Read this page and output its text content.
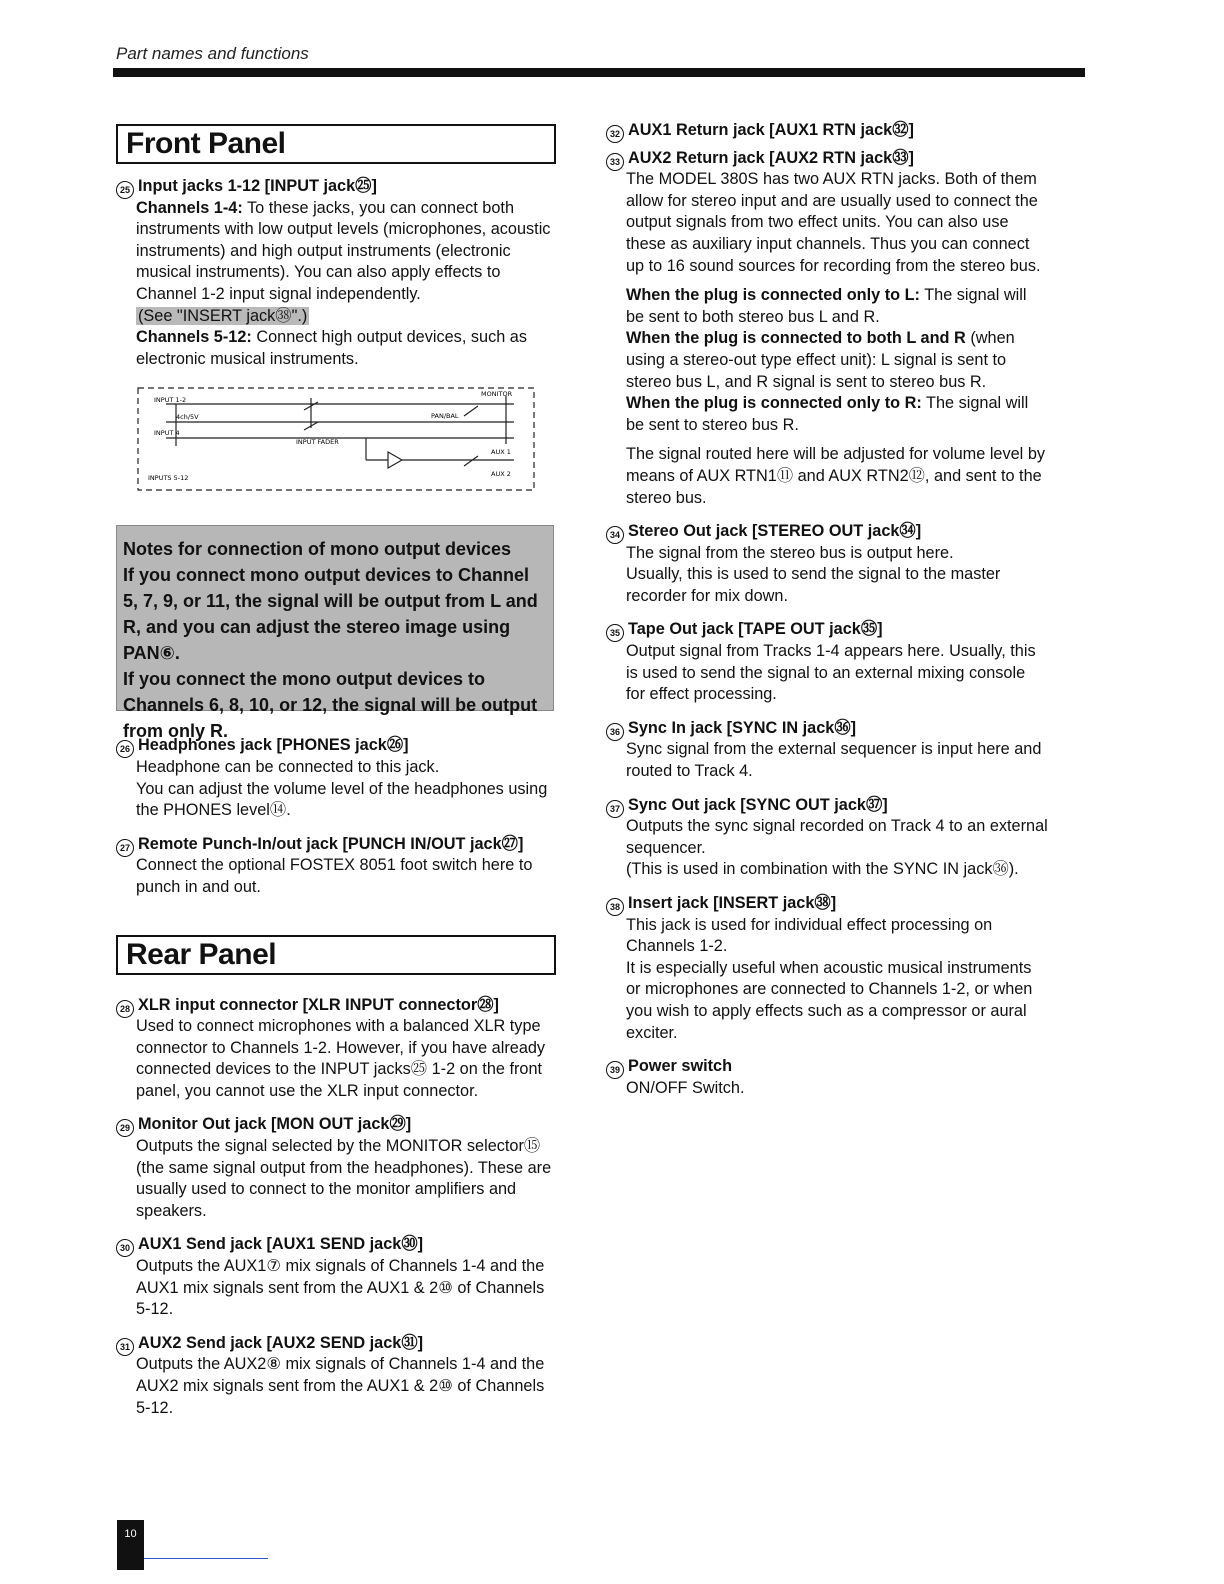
Part names and functions
Front Panel
25 Input jacks 1-12 [INPUT jack㉕]

Channels 1-4: To these jacks, you can connect both instruments with low output levels (microphones, acoustic instruments) and high output instruments (electronic musical instruments). You can also apply effects to Channel 1-2 input signal independently.

(See "INSERT jack㊳".)

Channels 5-12: Connect high output devices, such as electronic musical instruments.

INPUT 1-2
4ch/5V
INPUT 4
INPUT FADER
PAN/BAL
MONITOR
AUX 1
AUX 2
INPUTS 5-12

Notes for connection of mono output devices

If you connect mono output devices to Channel 5, 7, 9, or 11, the signal will be output from L and R, and you can adjust the stereo image using PAN⑥.

If you connect the mono output devices to Channels 6, 8, 10, or 12, the signal will be output from only R.

26 Headphones jack [PHONES jack㉖]

Headphone can be connected to this jack.

You can adjust the volume level of the headphones using the PHONES level⑭.

27 Remote Punch-In/out jack [PUNCH IN/OUT jack㉗]

Connect the optional FOSTEX 8051 foot switch here to punch in and out.

Rear Panel
28 XLR input connector [XLR INPUT connector㉘]

Used to connect microphones with a balanced XLR type connector to Channels 1-2. However, if you have already connected devices to the INPUT jacks㉕ 1-2 on the front panel, you cannot use the XLR input connector.

29 Monitor Out jack [MON OUT jack㉙]

Outputs the signal selected by the MONITOR selector⑮ (the same signal output from the headphones). These are usually used to connect to the monitor amplifiers and speakers.

30 AUX1 Send jack [AUX1 SEND jack㉚]

Outputs the AUX1⑦ mix signals of Channels 1-4 and the AUX1 mix signals sent from the AUX1 & 2⑩ of Channels 5-12.

31 AUX2 Send jack [AUX2 SEND jack㉛]

Outputs the AUX2⑧ mix signals of Channels 1-4 and the AUX2 mix signals sent from the AUX1 & 2⑩ of Channels 5-12.

32 AUX1 Return jack [AUX1 RTN jack㉜]
33 AUX2 Return jack [AUX2 RTN jack㉝]

The MODEL 380S has two AUX RTN jacks. Both of them allow for stereo input and are usually used to connect the output signals from two effect units. You can also use these as auxiliary input channels. Thus you can connect up to 16 sound sources for recording from the stereo bus.

When the plug is connected only to L: The signal will be sent to both stereo bus L and R.

When the plug is connected to both L and R (when using a stereo-out type effect unit): L signal is sent to stereo bus L, and R signal is sent to stereo bus R.

When the plug is connected only to R: The signal will be sent to stereo bus R.

The signal routed here will be adjusted for volume level by means of AUX RTN1⑪ and AUX RTN2⑫, and sent to the stereo bus.

34 Stereo Out jack [STEREO OUT jack㉞]

The signal from the stereo bus is output here.

Usually, this is used to send the signal to the master recorder for mix down.

35 Tape Out jack [TAPE OUT jack㉟]

Output signal from Tracks 1-4 appears here. Usually, this is used to send the signal to an external mixing console for effect processing.

36 Sync In jack [SYNC IN jack㊱]

Sync signal from the external sequencer is input here and routed to Track 4.

37 Sync Out jack [SYNC OUT jack㊲]

Outputs the sync signal recorded on Track 4 to an external sequencer.

(This is used in combination with the SYNC IN jack㊱).

38 Insert jack [INSERT jack㊳]

This jack is used for individual effect processing on Channels 1-2.

It is especially useful when acoustic musical instruments or microphones are connected to Channels 1-2, or when you wish to apply effects such as a compressor or aural exciter.

39 Power switch

ON/OFF Switch.

10
